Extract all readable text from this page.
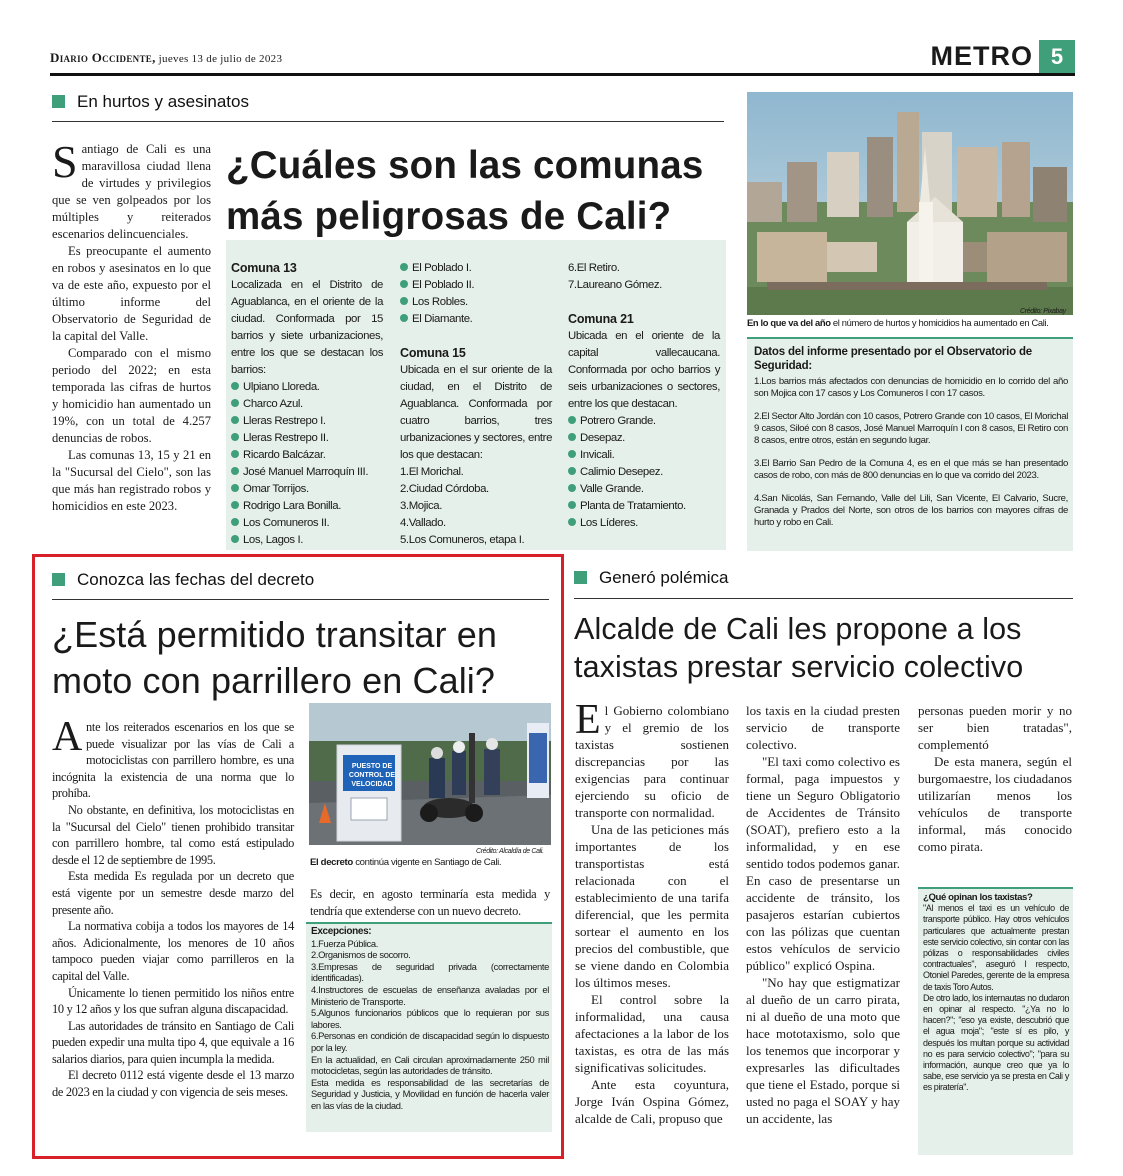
Diario Occidente, jueves 13 de julio de 2023	METRO 5
En hurtos y asesinatos

Santiago de Cali es una maravillosa ciudad llena de virtudes y privilegios que se ven golpeados por los múltiples y reiterados escenarios delincuenciales.

Es preocupante el aumento en robos y asesinatos en lo que va de este año, expuesto por el último informe del Observatorio de Seguridad de la capital del Valle.

Comparado con el mismo periodo del 2022; en esta temporada las cifras de hurtos y homicidio han aumentado un 19%, con un total de 4.257 denuncias de robos.

Las comunas 13, 15 y 21 en la "Sucursal del Cielo", son las que más han registrado robos y homicidios en este 2023.

¿Cuáles son las comunas
más peligrosas de Cali?
Comuna 13
Localizada en el Distrito de Aguablanca, en el oriente de la ciudad. Conformada por 15 barrios y siete urbanizaciones, entre los que se destacan los barrios:
Ulpiano Lloreda.
Charco Azul.
Lleras Restrepo I.
Lleras Restrepo II.
Ricardo Balcázar.
José Manuel Marroquín III.
Omar Torrijos.
Rodrigo Lara Bonilla.
Los Comuneros II.
Los, Lagos I.
El Poblado I.
El Poblado II.
Los Robles.
El Diamante.
Comuna 15
Ubicada en el sur oriente de la ciudad, en el Distrito de Aguablanca. Conformada por cuatro barrios, tres urbanizaciones y sectores, entre los que destacan:
1.El Morichal.
2.Ciudad Córdoba.
3.Mojica.
4.Vallado.
5.Los Comuneros, etapa I.
6.El Retiro.
7.Laureano Gómez.
Comuna 21
Ubicada en el oriente de la capital vallecaucana. Conformada por ocho barrios y seis urbanizaciones o sectores, entre los que destacan.
Potrero Grande.
Desepaz.
Invicali.
Calimio Desepez.
Valle Grande.
Planta de Tratamiento.
Los Líderes.
Crédito: Pixabay
En lo que va del año el número de hurtos y homicidios ha aumentado en Cali.
Datos del informe presentado por el Observatorio de Seguridad:
1.Los barrios más afectados con denuncias de homicidio en lo corrido del año son Mojica con 17 casos y Los Comuneros I con 17 casos.
2.El Sector Alto Jordán con 10 casos, Potrero Grande con 10 casos, El Morichal 9 casos, Siloé con 8 casos, José Manuel Marroquín I con 8 casos, El Retiro con 8 casos, entre otros, están en segundo lugar.
3.El Barrio San Pedro de la Comuna 4, es en el que más se han presentado casos de robo, con más de 800 denuncias en lo que va corrido del 2023.
4.San Nicolás, San Fernando, Valle del Lili, San Vicente, El Calvario, Sucre, Granada y Prados del Norte, son otros de los barrios con mayores cifras de hurto y robo en Cali.
Conozca las fechas del decreto
¿Está permitido transitar en
moto con parrillero en Cali?

Ante los reiterados escenarios en los que se puede visualizar por las vías de Cali a motociclistas con parrillero hombre, es una incógnita la existencia de una norma que lo prohíba.

No obstante, en definitiva, los motociclistas en la "Sucursal del Cielo" tienen prohibido transitar con parrillero hombre, tal como está estipulado desde el 12 de septiembre de 1995.

Esta medida Es regulada por un decreto que está vigente por un semestre desde marzo del presente año.

La normativa cobija a todos los mayores de 14 años. Adicionalmente, los menores de 10 años tampoco pueden viajar como parrilleros en la capital del Valle.

Únicamente lo tienen permitido los niños entre 10 y 12 años y los que sufran alguna discapacidad.

Las autoridades de tránsito en Santiago de Cali pueden expedir una multa tipo 4, que equivale a 16 salarios diarios, para quien incumpla la medida.

El decreto 0112 está vigente desde el 13 marzo de 2023 en la ciudad y con vigencia de seis meses.

PUESTO DE
CONTROL DE
VELOCIDAD
Crédito: Alcaldía de Cali.
El decreto continúa vigente en Santiago de Cali.

Es decir, en agosto terminaría esta medida y tendría que extenderse con un nuevo decreto.

Excepciones:
1.Fuerza Pública.
2.Organismos de socorro.
3.Empresas de seguridad privada (correctamente identificadas).
4.Instructores de escuelas de enseñanza avaladas por el Ministerio de Transporte.
5.Algunos funcionarios públicos que lo requieran por sus labores.
6.Personas en condición de discapacidad según lo dispuesto por la ley.
En la actualidad, en Cali circulan aproximadamente 250 mil motocicletas, según las autoridades de tránsito.
Esta medida es responsabilidad de las secretarías de Seguridad y Justicia, y Movilidad en función de hacerla valer en las vías de la ciudad.
Generó polémica
Alcalde de Cali les propone a los
taxistas prestar servicio colectivo

El Gobierno colombiano y el gremio de los taxistas sostienen discrepancias por las exigencias para continuar ejerciendo su oficio de transporte con normalidad.

Una de las peticiones más importantes de los transportistas está relacionada con el establecimiento de una tarifa diferencial, que les permita sortear el aumento en los precios del combustible, que se viene dando en Colombia los últimos meses.

El control sobre la informalidad, una causa afectaciones a la labor de los taxistas, es otra de las más significativas solicitudes.

Ante esta coyuntura, Jorge Iván Ospina Gómez, alcalde de Cali, propuso que

los taxis en la ciudad presten servicio de transporte colectivo.

"El taxi como colectivo es formal, paga impuestos y tiene un Seguro Obligatorio de Accidentes de Tránsito (SOAT), prefiero esto a la informalidad, y en ese sentido todos podemos ganar. En caso de presentarse un accidente de tránsito, los pasajeros estarían cubiertos con las pólizas que cuentan estos vehículos de servicio público" explicó Ospina.

"No hay que estigmatizar al dueño de un carro pirata, ni al dueño de una moto que hace mototaxismo, solo que los tenemos que incorporar y expresarles las dificultades que tiene el Estado, porque si usted no paga el SOAY y hay un accidente, las

personas pueden morir y no ser bien tratadas", complementó

De esta manera, según el burgomaestre, los ciudadanos utilizarían menos los vehículos de transporte informal, más conocido como pirata.

¿Qué opinan los taxistas?
"Al menos el taxi es un vehículo de transporte público. Hay otros vehículos particulares que actualmente prestan este servicio colectivo, sin contar con las pólizas o responsabilidades civiles contractuales", aseguró l respecto, Otoniel Paredes, gerente de la empresa de taxis Toro Autos.
De otro lado, los internautas no dudaron en opinar al respecto. "¿Ya no lo hacen?"; "eso ya existe, descubrió que el agua moja"; "este sí es pilo, y después los multan porque su actividad no es para servicio colectivo"; "para su información, aunque creo que ya lo sabe, ese servicio ya se presta en Cali y es piratería".
